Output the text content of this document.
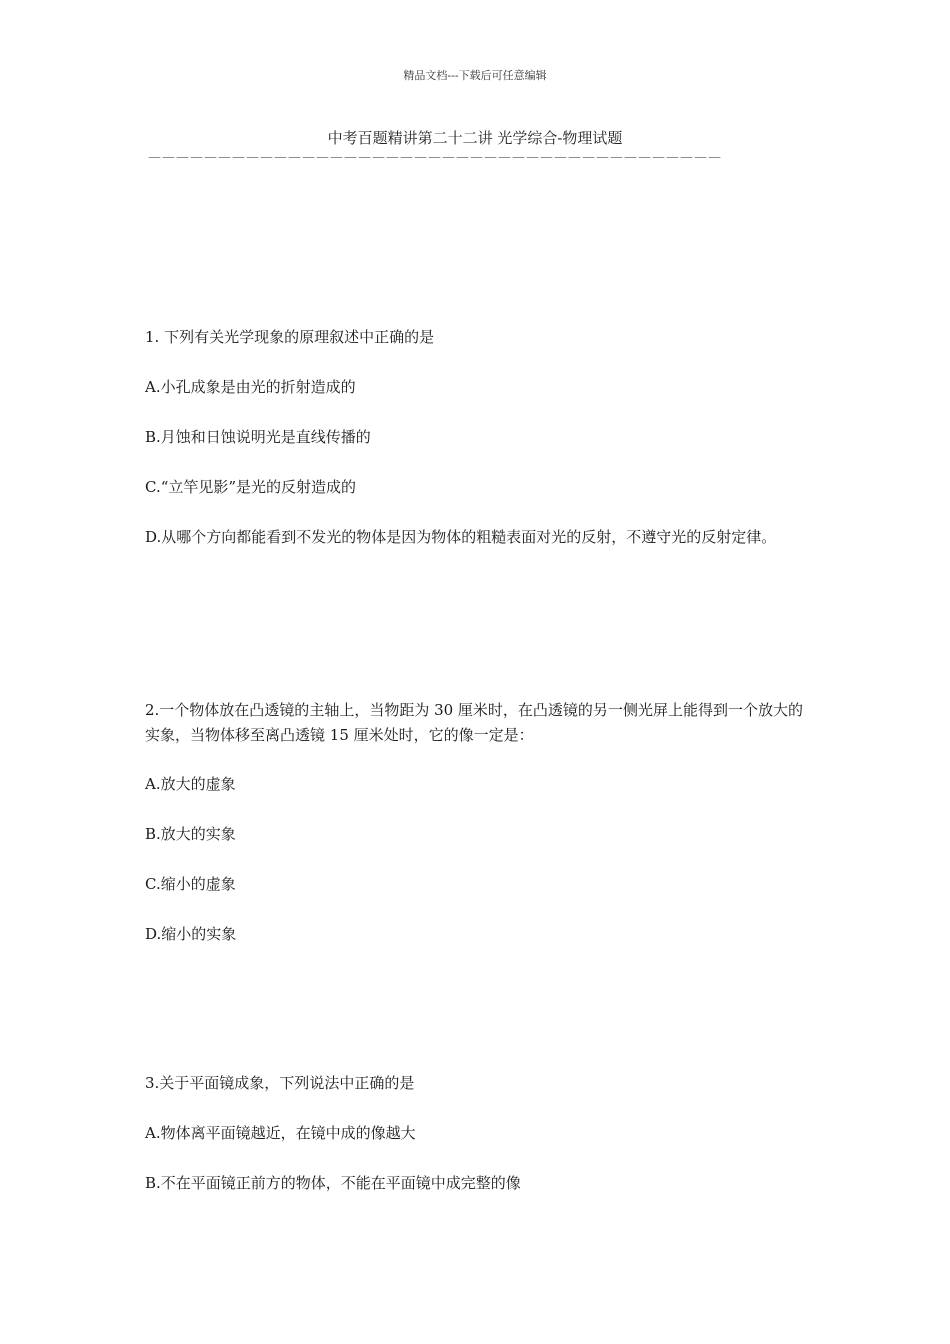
精品文档---下载后可任意编辑
中考百题精讲第二十二讲 光学综合-物理试题
—————————————————————————————————————————
1. 下列有关光学现象的原理叙述中正确的是
A.小孔成象是由光的折射造成的
B.月蚀和日蚀说明光是直线传播的
C.“立竿见影”是光的反射造成的
D.从哪个方向都能看到不发光的物体是因为物体的粗糙表面对光的反射，不遵守光的反射定律。
2.一个物体放在凸透镜的主轴上，当物距为 30 厘米时，在凸透镜的另一侧光屏上能得到一个放大的实象，当物体移至离凸透镜 15 厘米处时，它的像一定是：
A.放大的虚象
B.放大的实象
C.缩小的虚象
D.缩小的实象
3.关于平面镜成象，下列说法中正确的是
A.物体离平面镜越近，在镜中成的像越大
B.不在平面镜正前方的物体，不能在平面镜中成完整的像
